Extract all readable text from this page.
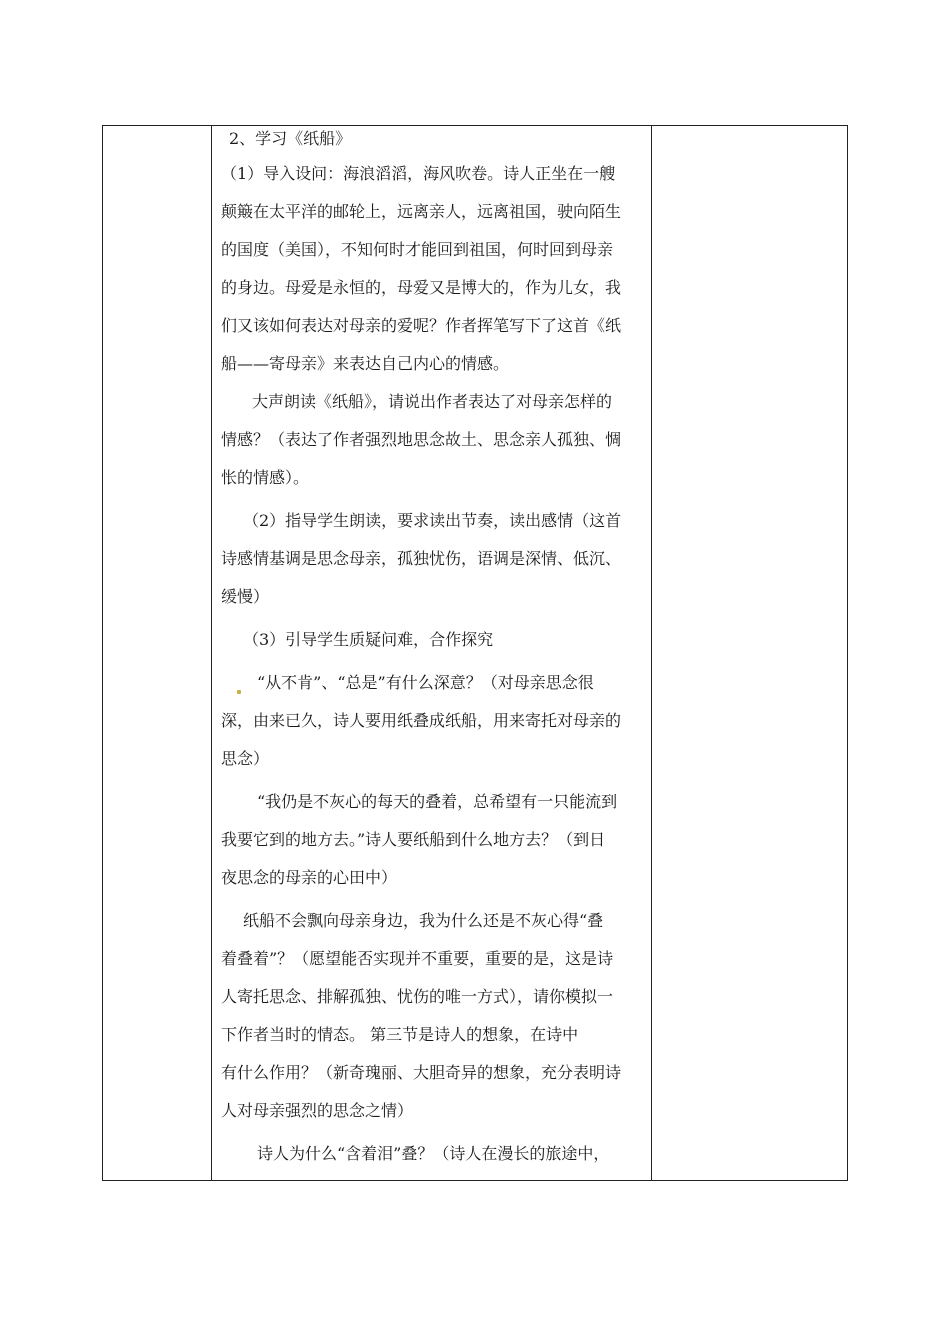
2、学习《纸船》
（1）导入设问：海浪滔滔，海风吹卷。诗人正坐在一艘
颠簸在太平洋的邮轮上，远离亲人，远离祖国，驶向陌生
的国度（美国），不知何时才能回到祖国，何时回到母亲
的身边。母爱是永恒的，母爱又是博大的，作为儿女，我
们又该如何表达对母亲的爱呢？作者挥笔写下了这首《纸
船——寄母亲》来表达自己内心的情感。
大声朗读《纸船》，请说出作者表达了对母亲怎样的
情感？（表达了作者强烈地思念故土、思念亲人孤独、惆
怅的情感）。
（2）指导学生朗读，要求读出节奏，读出感情（这首
诗感情基调是思念母亲，孤独忧伤，语调是深情、低沉、
缓慢）
（3）引导学生质疑问难，合作探究
“从不肯”、“总是”有什么深意？（对母亲思念很
深，由来已久，诗人要用纸叠成纸船，用来寄托对母亲的
思念）
“我仍是不灰心的每天的叠着，总希望有一只能流到
我要它到的地方去。”诗人要纸船到什么地方去？（到日
夜思念的母亲的心田中）
纸船不会飘向母亲身边，我为什么还是不灰心得“叠
着叠着”？（愿望能否实现并不重要，重要的是，这是诗
人寄托思念、排解孤独、忧伤的唯一方式），请你模拟一
下作者当时的情态。 第三节是诗人的想象，在诗中
有什么作用？（新奇瑰丽、大胆奇异的想象，充分表明诗
人对母亲强烈的思念之情）
诗人为什么“含着泪”叠？（诗人在漫长的旅途中，
